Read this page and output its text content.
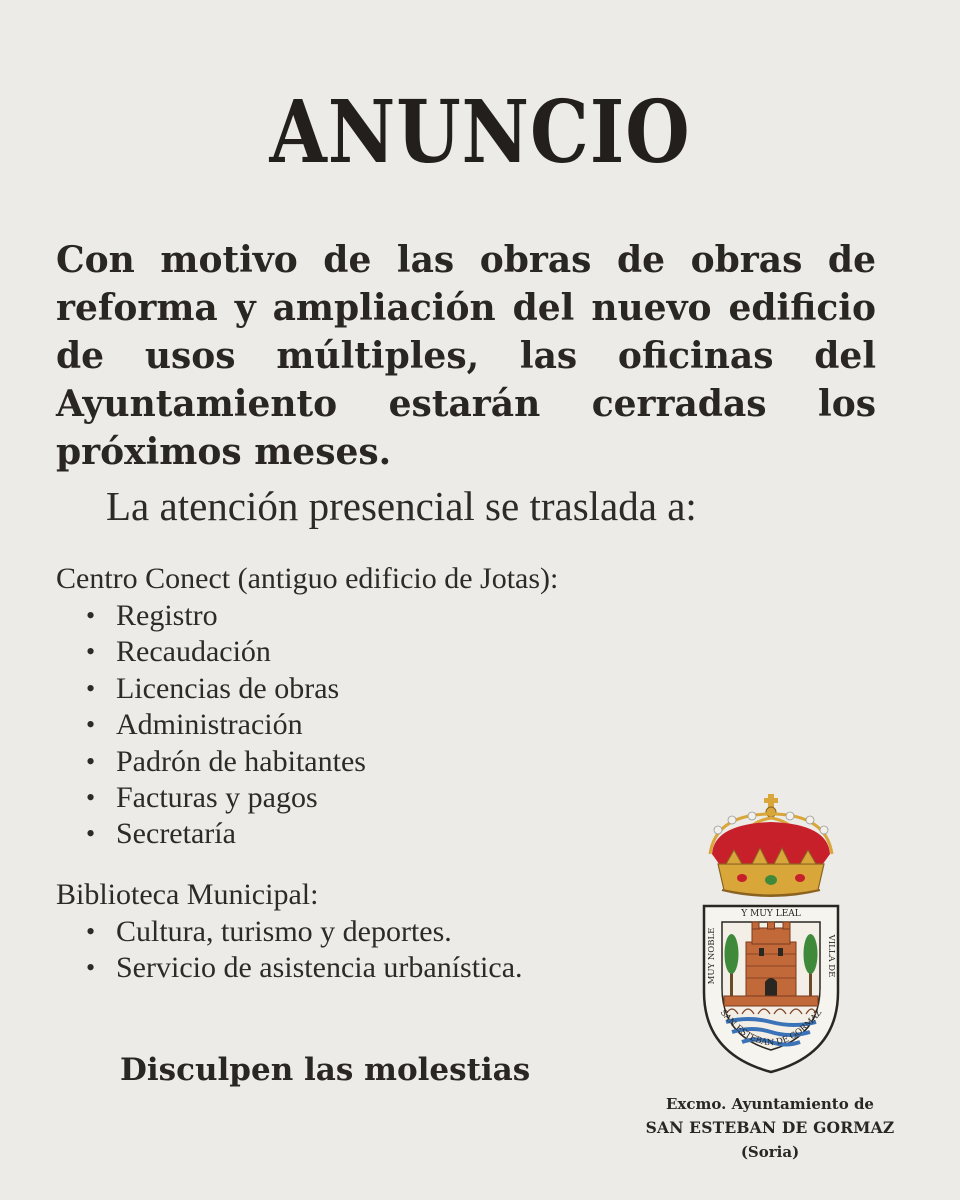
ANUNCIO

Con motivo de las obras de obras de reforma y ampliación del nuevo edificio de usos múltiples, las oficinas del Ayuntamiento estarán cerradas los próximos meses.

La atención presencial se traslada a:

Centro Conect (antiguo edificio de Jotas):

• Registro
• Recaudación
• Licencias de obras
• Administración
• Padrón de habitantes
• Facturas y pagos
• Secretaría

Biblioteca Municipal:

• Cultura, turismo y deportes.
• Servicio de asistencia urbanística.

Disculpen las molestias

Y MUY LEAL
MUY NOBLE	VILLA DE
SAN ESTEBAN DE GORMAZ
Excmo. Ayuntamiento de
SAN ESTEBAN DE GORMAZ
(Soria)
